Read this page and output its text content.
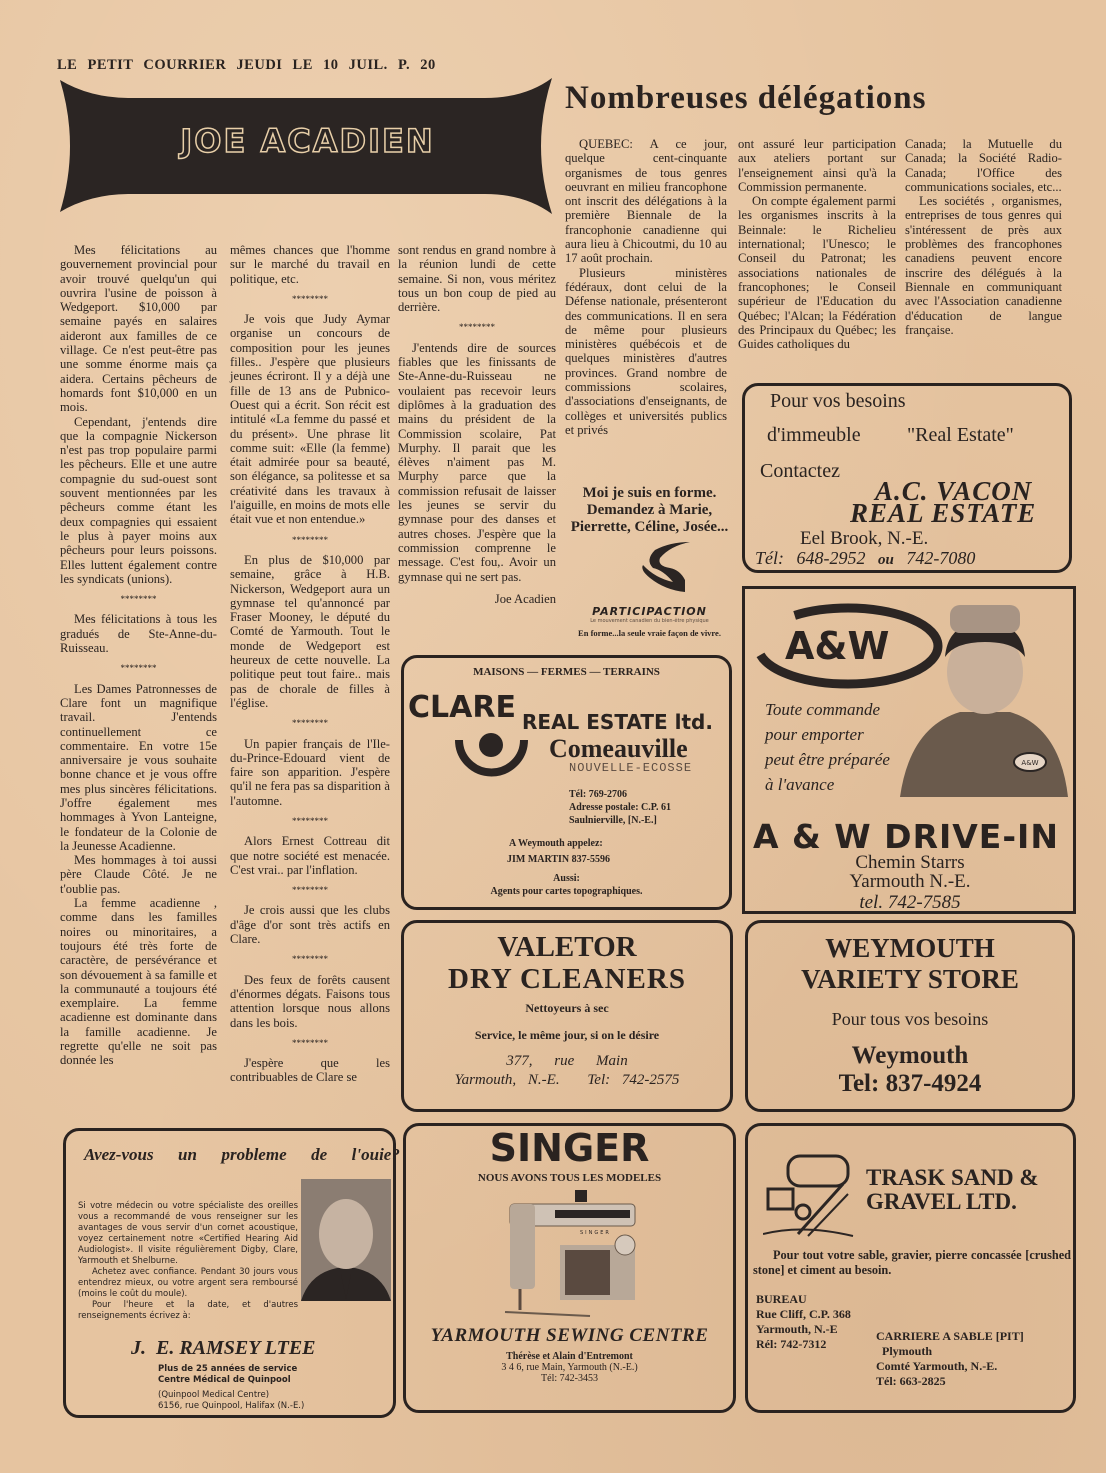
LE PETIT COURRIER JEUDI LE 10 JUIL. P. 20
JOE ACADIEN
Nombreuses délégations

Mes félicitations au gouvernement provincial pour avoir trouvé quelqu'un qui ouvrira l'usine de poisson à Wedgeport. $10,000 par semaine payés en salaires aideront aux familles de ce village. Ce n'est peut-être pas une somme énorme mais ça aidera. Certains pêcheurs de homards font $10,000 en un mois.

Cependant, j'entends dire que la compagnie Nickerson n'est pas trop populaire parmi les pêcheurs. Elle et une autre compagnie du sud-ouest sont souvent mentionnées par les pêcheurs comme étant les deux compagnies qui essaient le plus à payer moins aux pêcheurs pour leurs poissons. Elles luttent également contre les syndicats (unions).

********

Mes félicitations à tous les gradués de Ste-Anne-du-Ruisseau.

********

Les Dames Patronnesses de Clare font un magnifique travail. J'entends continuellement ce commentaire. En votre 15e anniversaire je vous souhaite bonne chance et je vous offre mes plus sincères félicitations. J'offre également mes hommages à Yvon Lanteigne, le fondateur de la Colonie de la Jeunesse Acadienne.

Mes hommages à toi aussi père Claude Côté. Je ne t'oublie pas.

La femme acadienne , comme dans les familles noires ou minoritaires, a toujours été très forte de caractère, de persévérance et son dévouement à sa famille et la communauté a toujours été exemplaire. La femme acadienne est dominante dans la famille acadienne. Je regrette qu'elle ne soit pas donnée les

mêmes chances que l'homme sur le marché du travail en politique, etc.

********

Je vois que Judy Aymar organise un concours de composition pour les jeunes filles.. J'espère que plusieurs jeunes écriront. Il y a déjà une fille de 13 ans de Pubnico-Ouest qui a écrit. Son récit est intitulé «La femme du passé et du présent». Une phrase lit comme suit: «Elle (la femme) était admirée pour sa beauté, son élégance, sa politesse et sa créativité dans les travaux à l'aiguille, en moins de mots elle était vue et non entendue.»

********

En plus de $10,000 par semaine, grâce à H.B. Nickerson, Wedgeport aura un gymnase tel qu'annoncé par Fraser Mooney, le député du Comté de Yarmouth. Tout le monde de Wedgeport est heureux de cette nouvelle. La politique peut tout faire.. mais pas de chorale de filles à l'église.

********

Un papier français de l'Ile-du-Prince-Edouard vient de faire son apparition. J'espère qu'il ne fera pas sa disparition à l'automne.

********

Alors Ernest Cottreau dit que notre société est menacée. C'est vrai.. par l'inflation.

********

Je crois aussi que les clubs d'âge d'or sont très actifs en Clare.

********

Des feux de forêts causent d'énormes dégats. Faisons tous attention lorsque nous allons dans les bois.

********

J'espère que les contribuables de Clare se

sont rendus en grand nombre à la réunion lundi de cette semaine. Si non, vous méritez tous un bon coup de pied au derrière.

********

J'entends dire de sources fiables que les finissants de Ste-Anne-du-Ruisseau ne voulaient pas recevoir leurs diplômes à la graduation des mains du président de la Commission scolaire, Pat Murphy. Il parait que les élèves n'aiment pas M. Murphy parce que la commission refusait de laisser les jeunes se servir du gymnase pour des danses et autres choses. J'espère que la commission comprenne le message. C'est fou,. Avoir un gymnase qui ne sert pas.

Joe Acadien

QUEBEC: A ce jour, quelque cent-cinquante organismes de tous genres oeuvrant en milieu francophone ont inscrit des délégations à la première Biennale de la francophonie canadienne qui aura lieu à Chicoutmi, du 10 au 17 août prochain.

Plusieurs ministères fédéraux, dont celui de la Défense nationale, présenteront des communications. Il en sera de même pour plusieurs ministères québécois et de quelques ministères d'autres provinces. Grand nombre de commissions scolaires, d'associations d'enseignants, de collèges et universités publics et privés

ont assuré leur participation aux ateliers portant sur l'enseignement ainsi qu'à la Commission permanente.

On compte également parmi les organismes inscrits à la Beinnale: le Richelieu international; l'Unesco; le Conseil du Patronat; les associations nationales de francophones; le Conseil supérieur de l'Education du Québec; l'Alcan; la Fédération des Principaux du Québec; les Guides catholiques du

Canada; la Mutuelle du Canada; la Société Radio-Canada; l'Office des communications sociales, etc...

Les sociétés , organismes, entreprises de tous genres qui s'intéressent de près aux problèmes des francophones canadiens peuvent encore inscrire des délégués à la Biennale en communiquant avec l'Association canadienne d'éducation de langue française.

Moi je suis en forme. Demandez à Marie, Pierrette, Céline, Josée...
PARTICIPACTION
Le mouvement canadien du bien-être physique
En forme...la seule vraie façon de vivre.
Pour vos besoins
d'immeuble "Real Estate"
Contactez
A.C. VACON
REAL ESTATE
Eel Brook, N.-E.
Tél: 648-2952 ou 742-7080
A&W
Toute commande
pour emporter
peut être préparée
à l'avance
A&W
A & W DRIVE-IN
Chemin Starrs
Yarmouth N.-E.
tel. 742-7585
MAISONS — FERMES — TERRAINS
CLARE REAL ESTATE ltd.
Comeauville
NOUVELLE-ECOSSE
Tél: 769-2706
Adresse postale: C.P. 61
Saulnierville, [N.-E.]
A Weymouth appelez:
JIM MARTIN 837-5596
Aussi:
Agents pour cartes topographiques.
VALETOR
DRY CLEANERS
Nettoyeurs à sec
Service, le même jour, si on le désire
377, rue Main
Yarmouth, N.-E. Tel: 742-2575
WEYMOUTH
VARIETY STORE
Pour tous vos besoins
Weymouth
Tel: 837-4924
Avez-vous  un  probleme  de  l'ouie?

Si votre médecin ou votre spécialiste des oreilles vous a recommandé de vous renseigner sur les avantages de vous servir d'un cornet acoustique, voyez certainement notre «Certified Hearing Aid Audiologist». Il visite régulièrement Digby, Clare, Yarmouth et Shelburne.

Achetez avec confiance. Pendant 30 jours vous entendrez mieux, ou votre argent sera remboursé (moins le coût du moule).

Pour l'heure et la date, et d'autres renseignements écrivez à:

J.  E. RAMSEY LTEE
Plus de 25 années de service
Centre Médical de Quinpool
(Quinpool Medical Centre)
6156, rue Quinpool, Halifax (N.-E.)
SINGER
NOUS AVONS TOUS LES MODELES
SINGER
YARMOUTH SEWING CENTRE
Thérèse et Alain d'Entremont
3 4 6, rue Main, Yarmouth (N.-E.)
Tél: 742-3453
TRASK SAND &
GRAVEL LTD.
Pour tout votre sable, gravier, pierre concassée [crushed stone] et ciment au besoin.
BUREAU
Rue Cliff, C.P. 368
Yarmouth, N.-E
Rél: 742-7312
CARRIERE A SABLE [PIT]
Plymouth
Comté Yarmouth, N.-E.
Tél: 663-2825
